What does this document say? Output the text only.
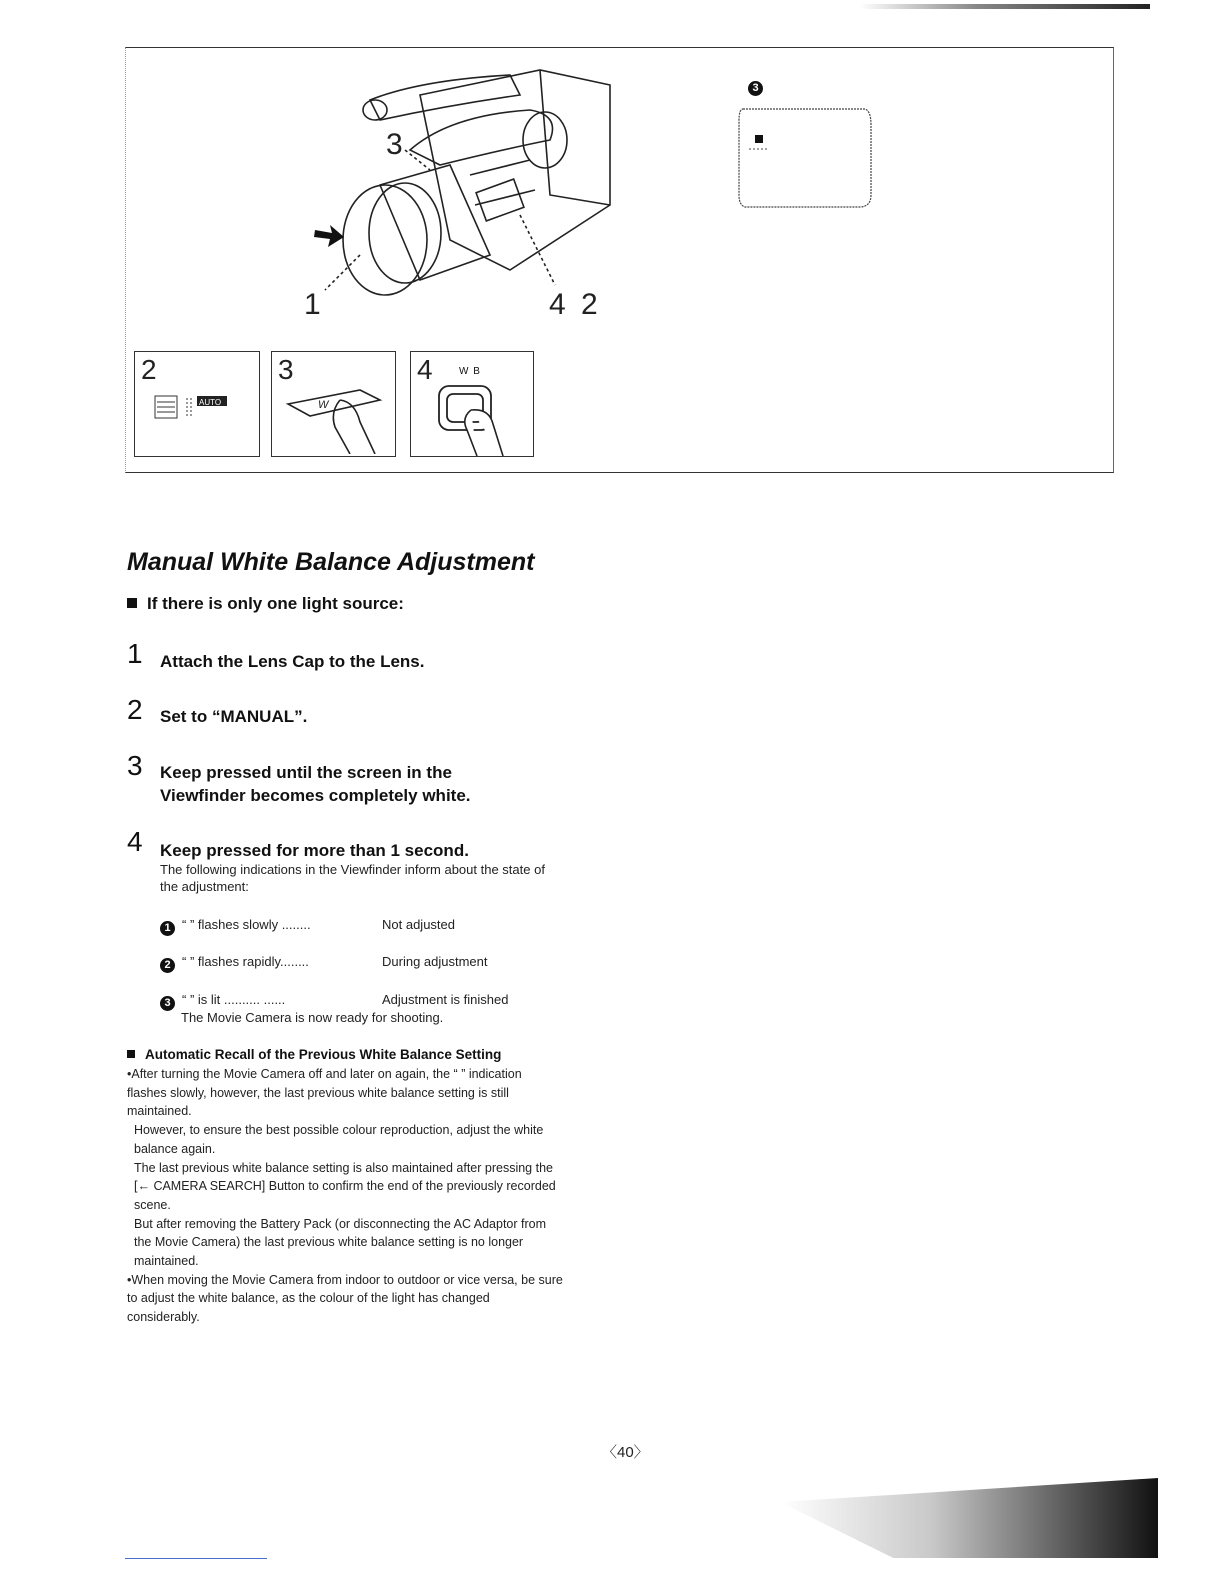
3
1	4 2
3
2
AUTO
3
W
4	W B
Manual White Balance Adjustment
If there is only one light source:
1 Attach the Lens Cap to the Lens.
2 Set to “MANUAL”.
3 Keep pressed until the screen in the
Viewfinder becomes completely white.
4 Keep pressed for more than 1 second.
The following indications in the Viewfinder inform about the state of the adjustment:
1 “ ” flashes slowly ........	Not adjusted
2 “ ” flashes rapidly........	During adjustment
3 “ ” is lit .......... ......	Adjustment is finished
The Movie Camera is now ready for shooting.
Automatic Recall of the Previous White Balance Setting

•After turning the Movie Camera off and later on again, the “ ” indication flashes slowly, however, the last previous white balance setting is still maintained.

However, to ensure the best possible colour reproduction, adjust the white balance again.

The last previous white balance setting is also maintained after pressing the [← CAMERA SEARCH] Button to confirm the end of the previously recorded scene.

But after removing the Battery Pack (or disconnecting the AC Adaptor from the Movie Camera) the last previous white balance setting is no longer maintained.

•When moving the Movie Camera from indoor to outdoor or vice versa, be sure to adjust the white balance, as the colour of the light has changed considerably.

〈40〉
